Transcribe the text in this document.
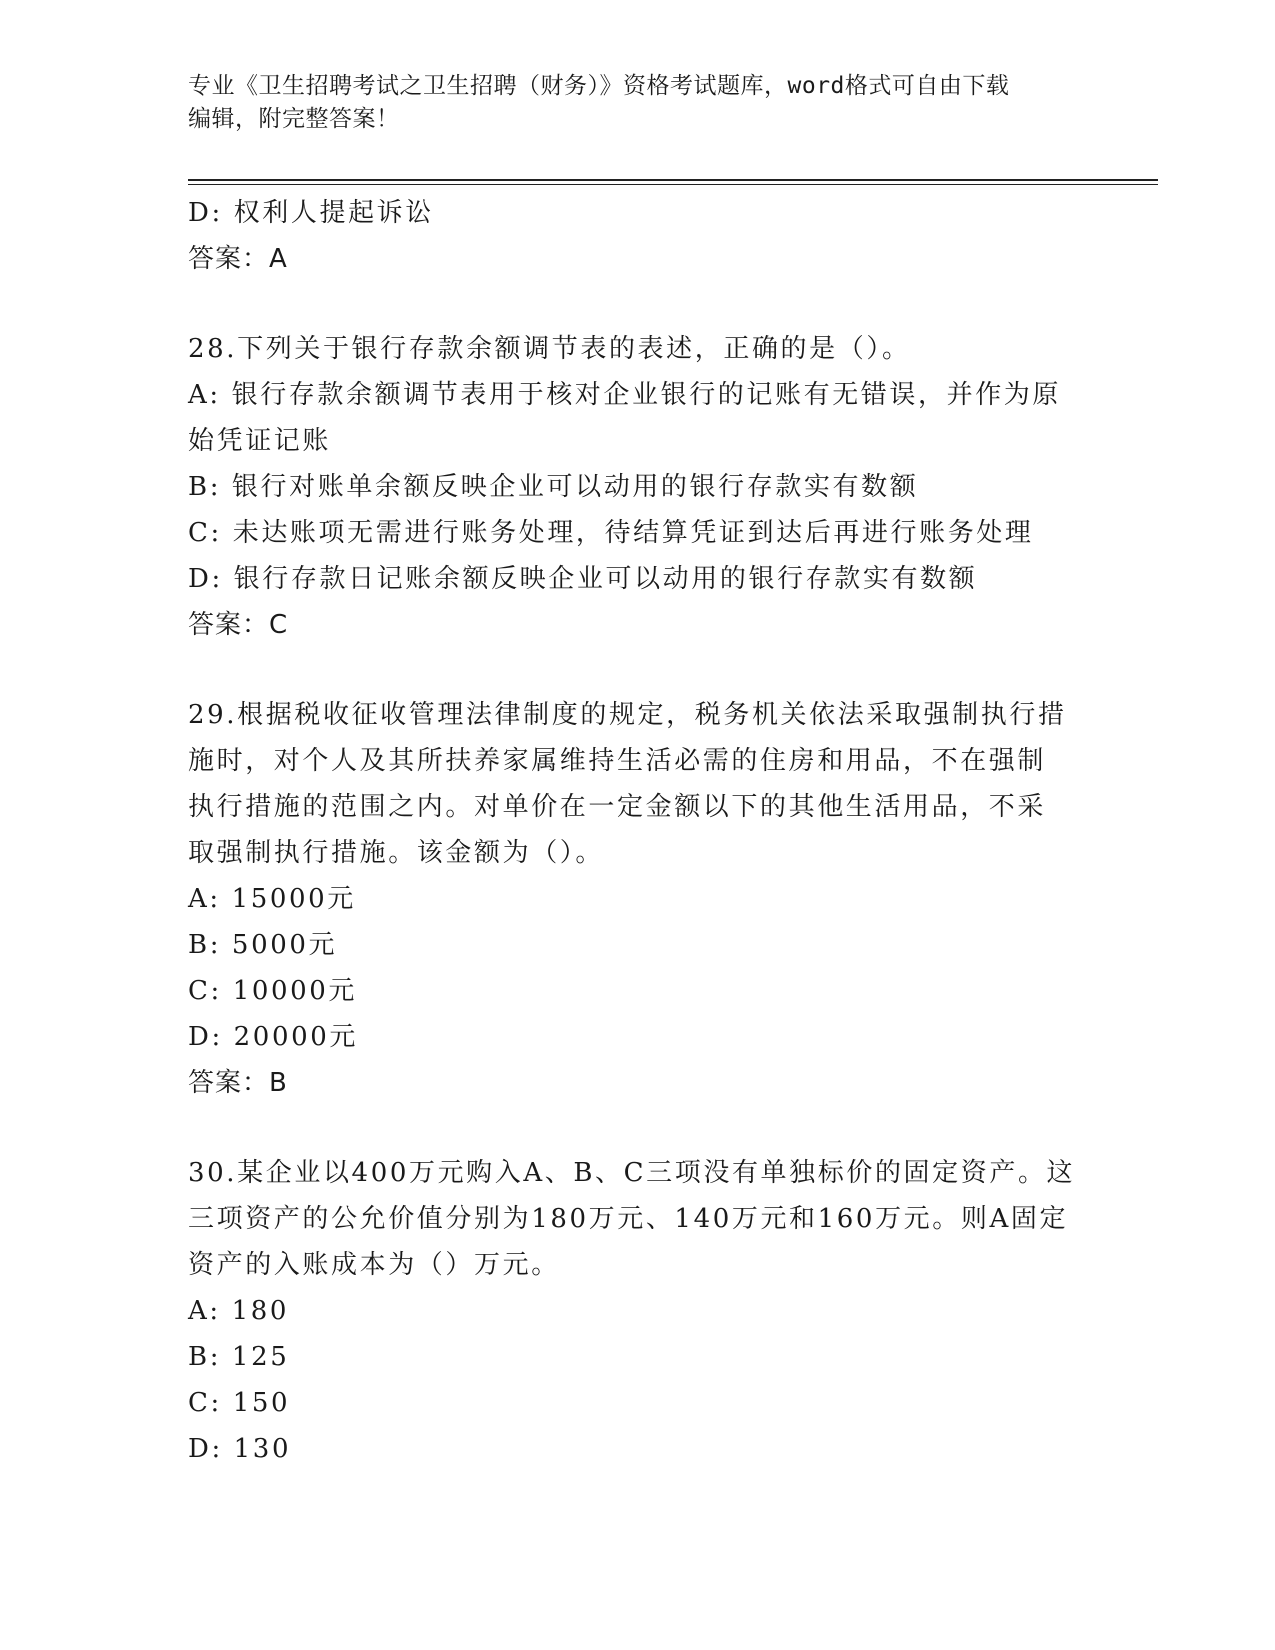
专业《卫生招聘考试之卫生招聘（财务）》资格考试题库，word格式可自由下载
编辑，附完整答案！
D: 权利人提起诉讼
答案：A
28.下列关于银行存款余额调节表的表述，正确的是（）。
A: 银行存款余额调节表用于核对企业银行的记账有无错误，并作为原
始凭证记账
B: 银行对账单余额反映企业可以动用的银行存款实有数额
C: 未达账项无需进行账务处理，待结算凭证到达后再进行账务处理
D: 银行存款日记账余额反映企业可以动用的银行存款实有数额
答案：C
29.根据税收征收管理法律制度的规定，税务机关依法采取强制执行措
施时，对个人及其所扶养家属维持生活必需的住房和用品，不在强制
执行措施的范围之内。对单价在一定金额以下的其他生活用品，不采
取强制执行措施。该金额为（）。
A: 15000元
B: 5000元
C: 10000元
D: 20000元
答案：B
30.某企业以400万元购入A、B、C三项没有单独标价的固定资产。这
三项资产的公允价值分别为180万元、140万元和160万元。则A固定
资产的入账成本为（）万元。
A: 180
B: 125
C: 150
D: 130
